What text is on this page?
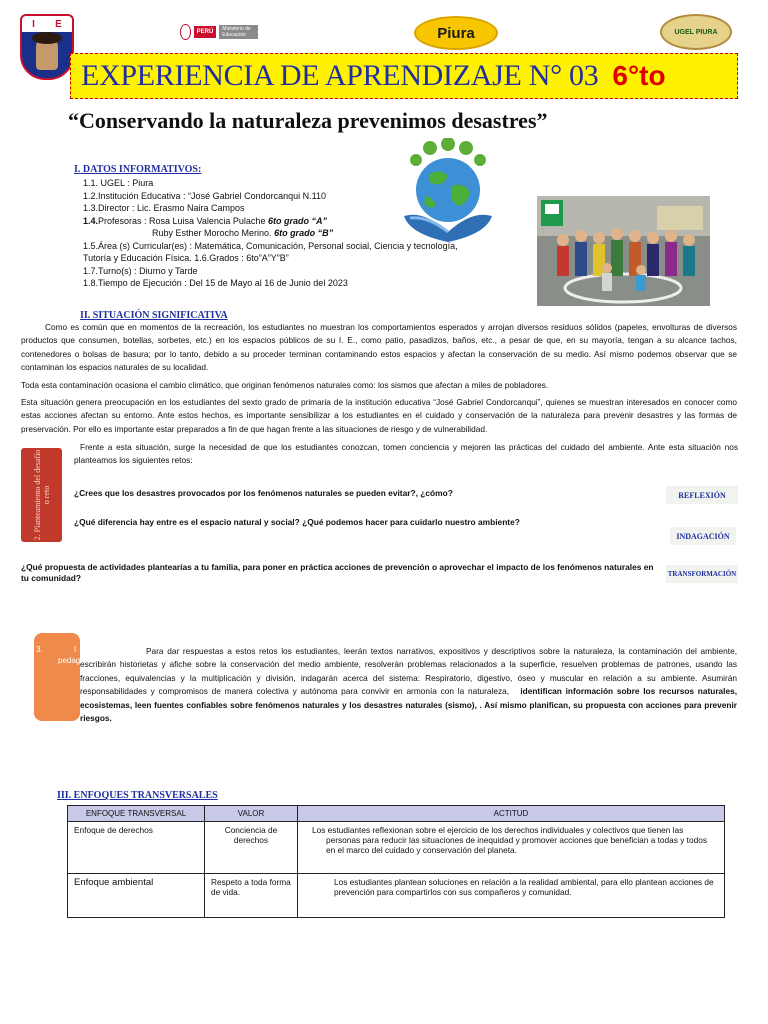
I E
PERÚ	Ministerio de Educación	Piura	UGEL PIURA
EXPERIENCIA DE APRENDIZAJE N° 03 6°to
“Conservando la naturaleza prevenimos desastres”
I. DATOS INFORMATIVOS:
1.1. UGEL : Piura
1.2.Institución Educativa : “José Gabriel Condorcanqui N.110
1.3.Director : Lic. Erasmo Naira Campos
1.4.Profesoras : Rosa Luisa Valencia Pulache 6to grado “A”
Ruby Esther Morocho Merino. 6to grado “B”
1.5.Área (s) Curricular(es) : Matemática, Comunicación, Personal social, Ciencia y tecnología,
Tutoría y Educación Física. 1.6.Grados : 6to”A”Y”B”
1.7.Turno(s) : Diurno y Tarde
1.8.Tiempo de Ejecución : Del 15 de Mayo al 16 de Junio del 2023
II. SITUACIÓN SIGNIFICATIVA
Como es común que en momentos de la recreación, los estudiantes no muestran los comportamientos esperados y arrojan diversos residuos sólidos (papeles, envolturas de diversos productos que consumen, botellas, sorbetes, etc.) en los espacios públicos de su I. E., como patio, pasadizos, baños, etc., a pesar de que, en su mayoría, tengan a su alcance tachos, contenedores o bolsas de basura; por lo tanto, debido a su proceder terminan contaminando estos espacios y afectan la conservación de su medio. Así mismo podemos observar que se contaminan los espacios naturales de su localidad.
Toda esta contaminación ocasiona el cambio climático, que originan fenómenos naturales como: los sismos que afectan a miles de pobladores.
Esta situación genera preocupación en los estudiantes del sexto grado de primaria de la institución educativa “José Gabriel Condorcanqui”, quienes se muestran interesados en conocer como estas acciones afectan su entorno. Ante estos hechos, es importante sensibilizar a los estudiantes en el cuidado y conservación de la naturaleza para prevenir desastres y las formas de preservación. Por ello es importante estar preparados a fin de que hagan frente a las situaciones de riesgo y de vulnerabilidad.
2. Planteamiento del desafío o reto
Frente a esta situación, surge la necesidad de que los estudiantes conozcan, tomen conciencia y mejoren las prácticas del cuidado del ambiente. Ante esta situación nos planteamos los siguientes retos:
¿Crees que los desastres provocados por los fenómenos naturales se pueden evitar?, ¿cómo?	REFLEXIÓN
¿Qué diferencia hay entre es el espacio natural y social? ¿Qué podemos hacer para cuidarlo nuestro ambiente?
INDAGACIÓN
¿Qué propuesta de actividades plantearías a tu familia, para poner en práctica acciones de prevención o aprovechar el impacto de los fenómenos naturales en tu comunidad?	TRANSFORMACIÓN
3.	I
pedago
Para dar respuestas a estos retos los estudiantes, leerán textos narrativos, expositivos y descriptivos sobre la naturaleza, la contaminación del ambiente, escribirán historietas y afiche sobre la conservación del medio ambiente, resolverán problemas relacionados a la superficie, resuelven problemas de patrones, usando las fracciones, equivalencias y la multiplicación y división, indagarán acerca del sistema: Respiratorio, digestivo, óseo y muscular en relación a su ambiente. Asumirán responsabilidades y compromisos de manera colectiva y autónoma para convivir en armonía con la naturaleza, identifican información sobre los recursos naturales, ecosistemas, leen fuentes confiables sobre fenómenos naturales y los desastres naturales (sismo), . Así mismo planifican, su propuesta con acciones para prevenir riesgos.
III. ENFOQUES TRANSVERSALES
ENFOQUE TRANSVERSAL	VALOR	ACTITUD
Enfoque de derechos	Conciencia de derechos	Los estudiantes reflexionan sobre el ejercicio de los derechos individuales y colectivos que tienen las personas para reducir las situaciones de inequidad y promover acciones que benefician a todas y todos en el marco del cuidado y conservación del planeta.
Enfoque ambiental	Respeto a toda forma de vida.	Los estudiantes plantean soluciones en relación a la realidad ambiental, para ello plantean acciones de prevención para compartirlos con sus compañeros y comunidad.
